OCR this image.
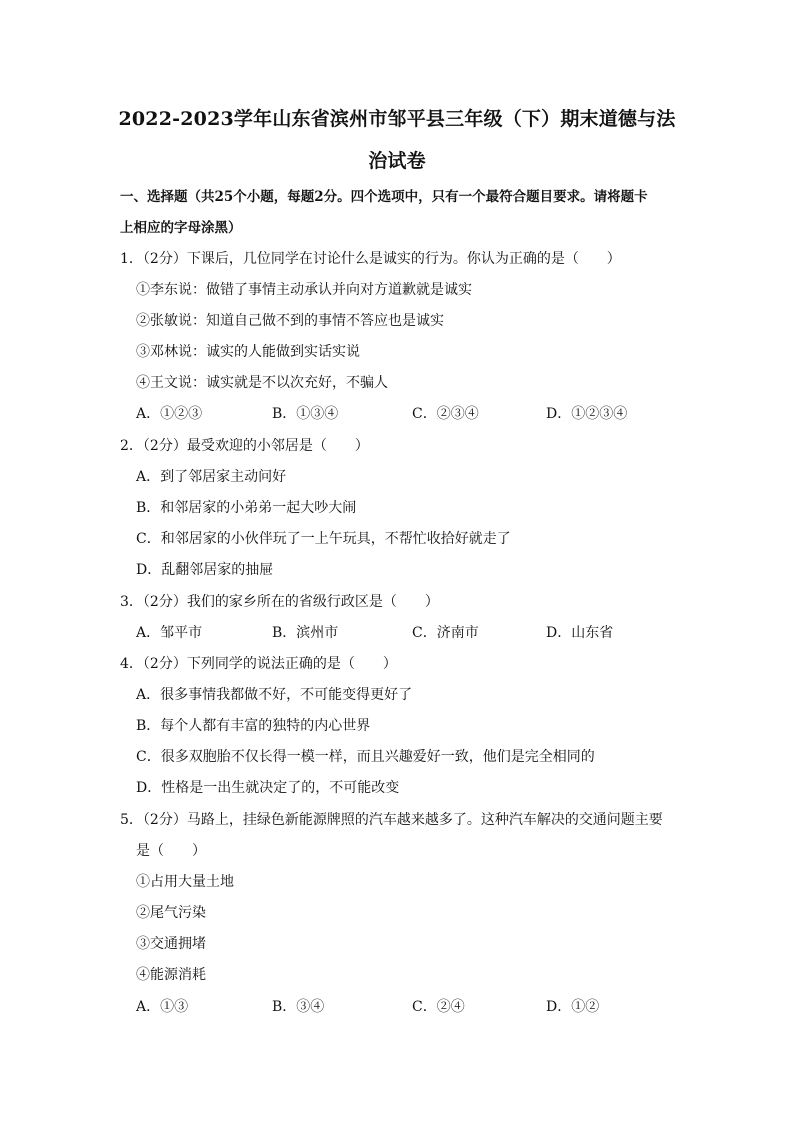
2022-2023学年山东省滨州市邹平县三年级（下）期末道德与法
治试卷
一、选择题（共25个小题，每题2分。四个选项中，只有一个最符合题目要求。请将题卡
上相应的字母涂黑）
1．（2分）下课后，几位同学在讨论什么是诚实的行为。你认为正确的是（　　）
①李东说：做错了事情主动承认并向对方道歉就是诚实
②张敏说：知道自己做不到的事情不答应也是诚实
③邓林说：诚实的人能做到实话实说
④王文说：诚实就是不以次充好，不骗人
A．①②③	B．①③④	C．②③④	D．①②③④
2．（2分）最受欢迎的小邻居是（　　）
A．到了邻居家主动问好
B．和邻居家的小弟弟一起大吵大闹
C．和邻居家的小伙伴玩了一上午玩具，不帮忙收拾好就走了
D．乱翻邻居家的抽屉
3．（2分）我们的家乡所在的省级行政区是（　　）
A．邹平市	B．滨州市	C．济南市	D．山东省
4．（2分）下列同学的说法正确的是（　　）
A．很多事情我都做不好，不可能变得更好了
B．每个人都有丰富的独特的内心世界
C．很多双胞胎不仅长得一模一样，而且兴趣爱好一致，他们是完全相同的
D．性格是一出生就决定了的，不可能改变
5．（2分）马路上，挂绿色新能源牌照的汽车越来越多了。这种汽车解决的交通问题主要
是（　　）
①占用大量土地
②尾气污染
③交通拥堵
④能源消耗
A．①③	B．③④	C．②④	D．①②
